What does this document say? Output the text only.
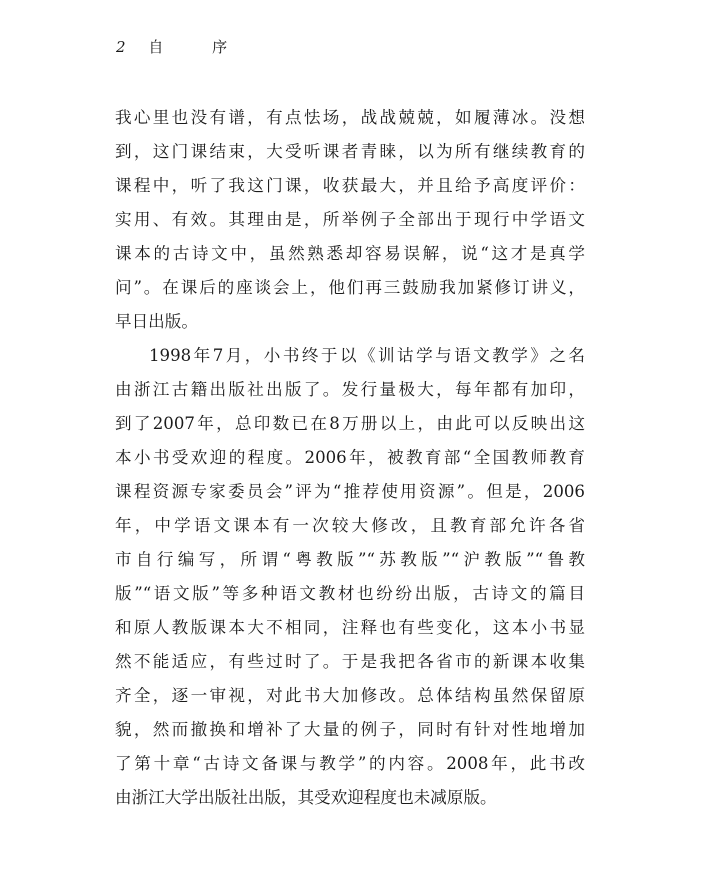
2 自 序
我心里也没有谱，有点怯场，战战兢兢，如履薄冰。没想
到，这门课结束，大受听课者青睐，以为所有继续教育的
课程中，听了我这门课，收获最大，并且给予高度评价：
实用、有效。其理由是，所举例子全部出于现行中学语文
课本的古诗文中，虽然熟悉却容易误解，说“这才是真学
问”。在课后的座谈会上，他们再三鼓励我加紧修订讲义，
早日出版。
1998年7月，小书终于以《训诂学与语文教学》之名
由浙江古籍出版社出版了。发行量极大，每年都有加印，
到了2007年，总印数已在8万册以上，由此可以反映出这
本小书受欢迎的程度。2006年，被教育部“全国教师教育
课程资源专家委员会”评为“推荐使用资源”。但是，2006
年，中学语文课本有一次较大修改，且教育部允许各省
市自行编写，所谓“粤教版”“苏教版”“沪教版”“鲁教
版”“语文版”等多种语文教材也纷纷出版，古诗文的篇目
和原人教版课本大不相同，注释也有些变化，这本小书显
然不能适应，有些过时了。于是我把各省市的新课本收集
齐全，逐一审视，对此书大加修改。总体结构虽然保留原
貌，然而撤换和增补了大量的例子，同时有针对性地增加
了第十章“古诗文备课与教学”的内容。2008年，此书改
由浙江大学出版社出版，其受欢迎程度也未减原版。
